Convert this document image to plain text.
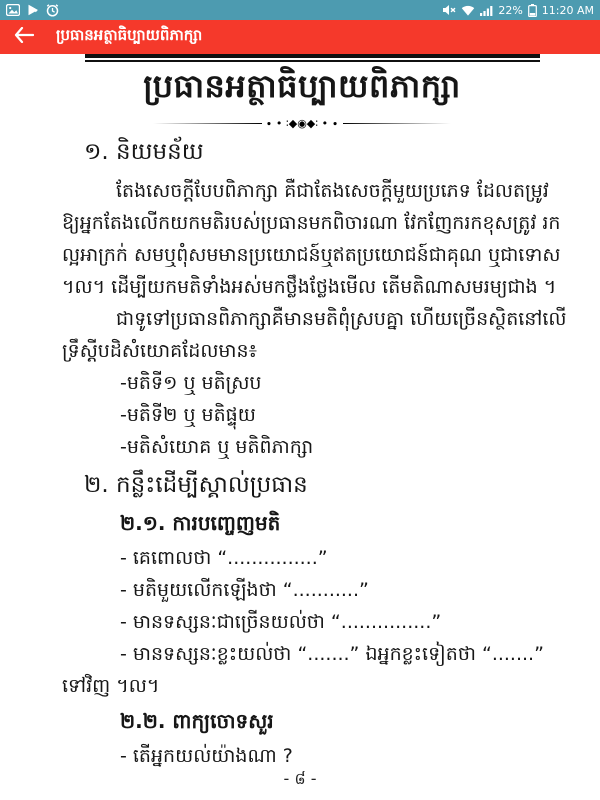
22% 11:20 AM
ប្រធានអត្ថាធិប្បាយពិភាក្សា
ប្រធានអត្ថាធិប្បាយពិភាក្សា
∙ • ∶◆◉◆∶ • ∙
១. និយមន័យ
តែងសេចក្ដីបែបពិភាក្សា គឺជាតែងសេចក្ដីមួយប្រភេទ ដែលតម្រូវ
ឱ្យអ្នកតែងលើកយកមតិរបស់ប្រធានមកពិចារណា វែកញែករកខុសត្រូវ រក
ល្អអាក្រក់ សមឬពុំសមមានប្រយោជន៍ឬឥតប្រយោជន៍ជាគុណ ឬជាទោស
។ល។ ដើម្បីយកមតិទាំងអស់មកថ្លឹងថ្លែងមើល តើមតិណាសមរម្យជាង ។
ជាទូទៅប្រធានពិភាក្សាគឺមានមតិពុំស្របគ្នា ហើយច្រើនស្ថិតនៅលើ
ទ្រឹស្ដីបដិសំយោគដែលមាន៖
-មតិទី១ ឬ មតិស្រប
-មតិទី២ ឬ មតិផ្ទុយ
-មតិសំយោគ ឬ មតិពិភាក្សា
២. កន្លឹះដើម្បីស្គាល់ប្រធាន
២.១. ការបញ្ចេញមតិ
- គេពោលថា “...............”
- មតិមួយលើកឡើងថា “...........”
- មានទស្សនៈជាច្រើនយល់ថា “...............”
- មានទស្សនៈខ្លះយល់ថា “.......” ឯអ្នកខ្លះទៀតថា “.......”
ទៅវិញ ។ល។
២.២. ពាក្យចោទសួរ
- តើអ្នកយល់យ៉ាងណា ?
- ៨ -
